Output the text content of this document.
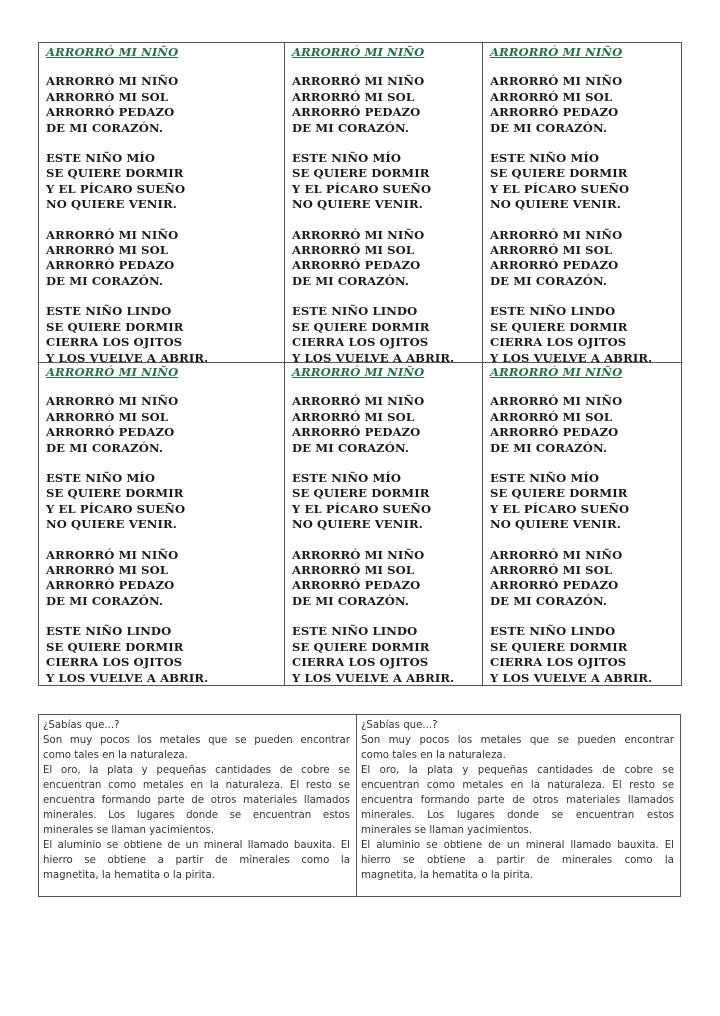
ARRORRÓ MI NIÑO
ARRORRÓ MI NIÑO
ARRORRÓ MI SOL
ARRORRÓ PEDAZO
DE MI CORAZÓN.
ESTE NIÑO MÍO
SE QUIERE DORMIR
Y EL PÍCARO SUEÑO
NO QUIERE VENIR.
ARRORRÓ MI NIÑO
ARRORRÓ MI SOL
ARRORRÓ PEDAZO
DE MI CORAZÓN.
ESTE NIÑO LINDO
SE QUIERE DORMIR
CIERRA LOS OJITOS
Y LOS VUELVE A ABRIR.
ARRORRÓ MI NIÑO
ARRORRÓ MI NIÑO
ARRORRÓ MI SOL
ARRORRÓ PEDAZO
DE MI CORAZÓN.
ESTE NIÑO MÍO
SE QUIERE DORMIR
Y EL PÍCARO SUEÑO
NO QUIERE VENIR.
ARRORRÓ MI NIÑO
ARRORRÓ MI SOL
ARRORRÓ PEDAZO
DE MI CORAZÓN.
ESTE NIÑO LINDO
SE QUIERE DORMIR
CIERRA LOS OJITOS
Y LOS VUELVE A ABRIR.
ARRORRÓ MI NIÑO
ARRORRÓ MI NIÑO
ARRORRÓ MI SOL
ARRORRÓ PEDAZO
DE MI CORAZÓN.
ESTE NIÑO MÍO
SE QUIERE DORMIR
Y EL PÍCARO SUEÑO
NO QUIERE VENIR.
ARRORRÓ MI NIÑO
ARRORRÓ MI SOL
ARRORRÓ PEDAZO
DE MI CORAZÓN.
ESTE NIÑO LINDO
SE QUIERE DORMIR
CIERRA LOS OJITOS
Y LOS VUELVE A ABRIR.
ARRORRÓ MI NIÑO
ARRORRÓ MI NIÑO
ARRORRÓ MI SOL
ARRORRÓ PEDAZO
DE MI CORAZÓN.
ESTE NIÑO MÍO
SE QUIERE DORMIR
Y EL PÍCARO SUEÑO
NO QUIERE VENIR.
ARRORRÓ MI NIÑO
ARRORRÓ MI SOL
ARRORRÓ PEDAZO
DE MI CORAZÓN.
ESTE NIÑO LINDO
SE QUIERE DORMIR
CIERRA LOS OJITOS
Y LOS VUELVE A ABRIR.
ARRORRÓ MI NIÑO
ARRORRÓ MI NIÑO
ARRORRÓ MI SOL
ARRORRÓ PEDAZO
DE MI CORAZÓN.
ESTE NIÑO MÍO
SE QUIERE DORMIR
Y EL PÍCARO SUEÑO
NO QUIERE VENIR.
ARRORRÓ MI NIÑO
ARRORRÓ MI SOL
ARRORRÓ PEDAZO
DE MI CORAZÓN.
ESTE NIÑO LINDO
SE QUIERE DORMIR
CIERRA LOS OJITOS
Y LOS VUELVE A ABRIR.
ARRORRÓ MI NIÑO
ARRORRÓ MI NIÑO
ARRORRÓ MI SOL
ARRORRÓ PEDAZO
DE MI CORAZÓN.
ESTE NIÑO MÍO
SE QUIERE DORMIR
Y EL PÍCARO SUEÑO
NO QUIERE VENIR.
ARRORRÓ MI NIÑO
ARRORRÓ MI SOL
ARRORRÓ PEDAZO
DE MI CORAZÓN.
ESTE NIÑO LINDO
SE QUIERE DORMIR
CIERRA LOS OJITOS
Y LOS VUELVE A ABRIR.
¿Sabías que...?
Son muy pocos los metales que se pueden encontrar
como tales en la naturaleza.
El oro, la plata y pequeñas cantidades de cobre se
encuentran como metales en la naturaleza. El resto se
encuentra formando parte de otros materiales llamados
minerales. Los lugares donde se encuentran estos
minerales se llaman yacimientos.
El aluminio se obtiene de un mineral llamado bauxita. El
hierro se obtiene a partir de minerales como la
magnetita, la hematita o la pirita.
¿Sabías que...?
Son muy pocos los metales que se pueden encontrar
como tales en la naturaleza.
El oro, la plata y pequeñas cantidades de cobre se
encuentran como metales en la naturaleza. El resto se
encuentra formando parte de otros materiales llamados
minerales. Los lugares donde se encuentran estos
minerales se llaman yacimientos.
El aluminio se obtiene de un mineral llamado bauxita. El
hierro se obtiene a partir de minerales como la
magnetita, la hematita o la pirita.
